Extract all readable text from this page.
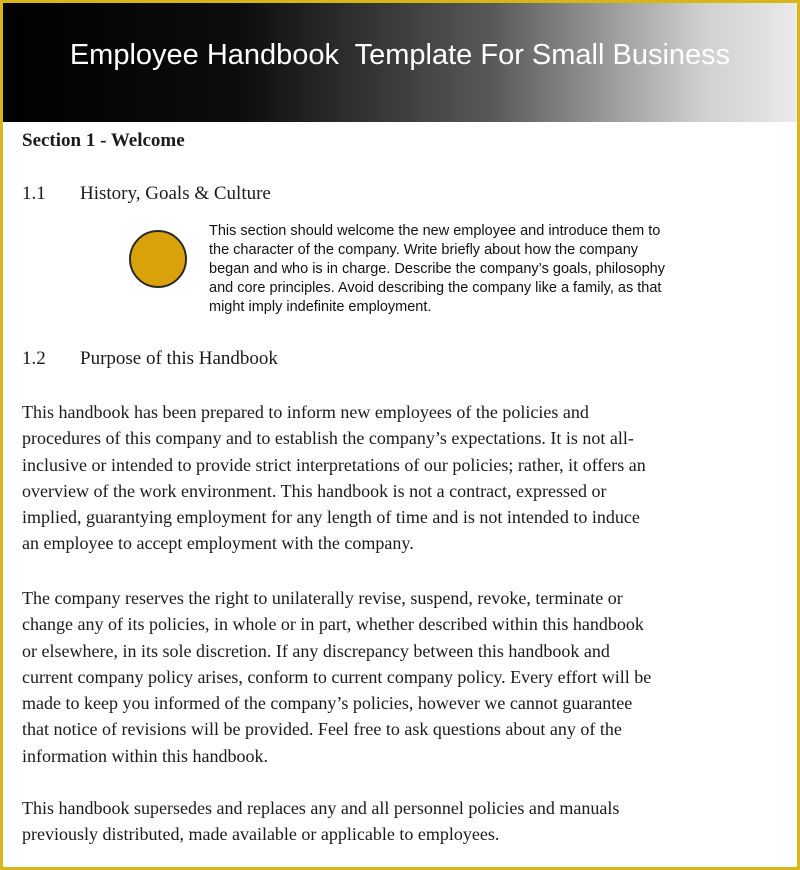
Employee Handbook  Template For Small Business
Section 1 - Welcome
1.1 History, Goals & Culture

This section should welcome the new employee and introduce them to
the character of the company. Write briefly about how the company
began and who is in charge. Describe the company’s goals, philosophy
and core principles. Avoid describing the company like a family, as that
might imply indefinite employment.

1.2 Purpose of this Handbook

This handbook has been prepared to inform new employees of the policies and
procedures of this company and to establish the company’s expectations. It is not all-
inclusive or intended to provide strict interpretations of our policies; rather, it offers an
overview of the work environment. This handbook is not a contract, expressed or
implied, guarantying employment for any length of time and is not intended to induce
an employee to accept employment with the company.

The company reserves the right to unilaterally revise, suspend, revoke, terminate or
change any of its policies, in whole or in part, whether described within this handbook
or elsewhere, in its sole discretion. If any discrepancy between this handbook and
current company policy arises, conform to current company policy. Every effort will be
made to keep you informed of the company’s policies, however we cannot guarantee
that notice of revisions will be provided. Feel free to ask questions about any of the
information within this handbook.

This handbook supersedes and replaces any and all personnel policies and manuals
previously distributed, made available or applicable to employees.
